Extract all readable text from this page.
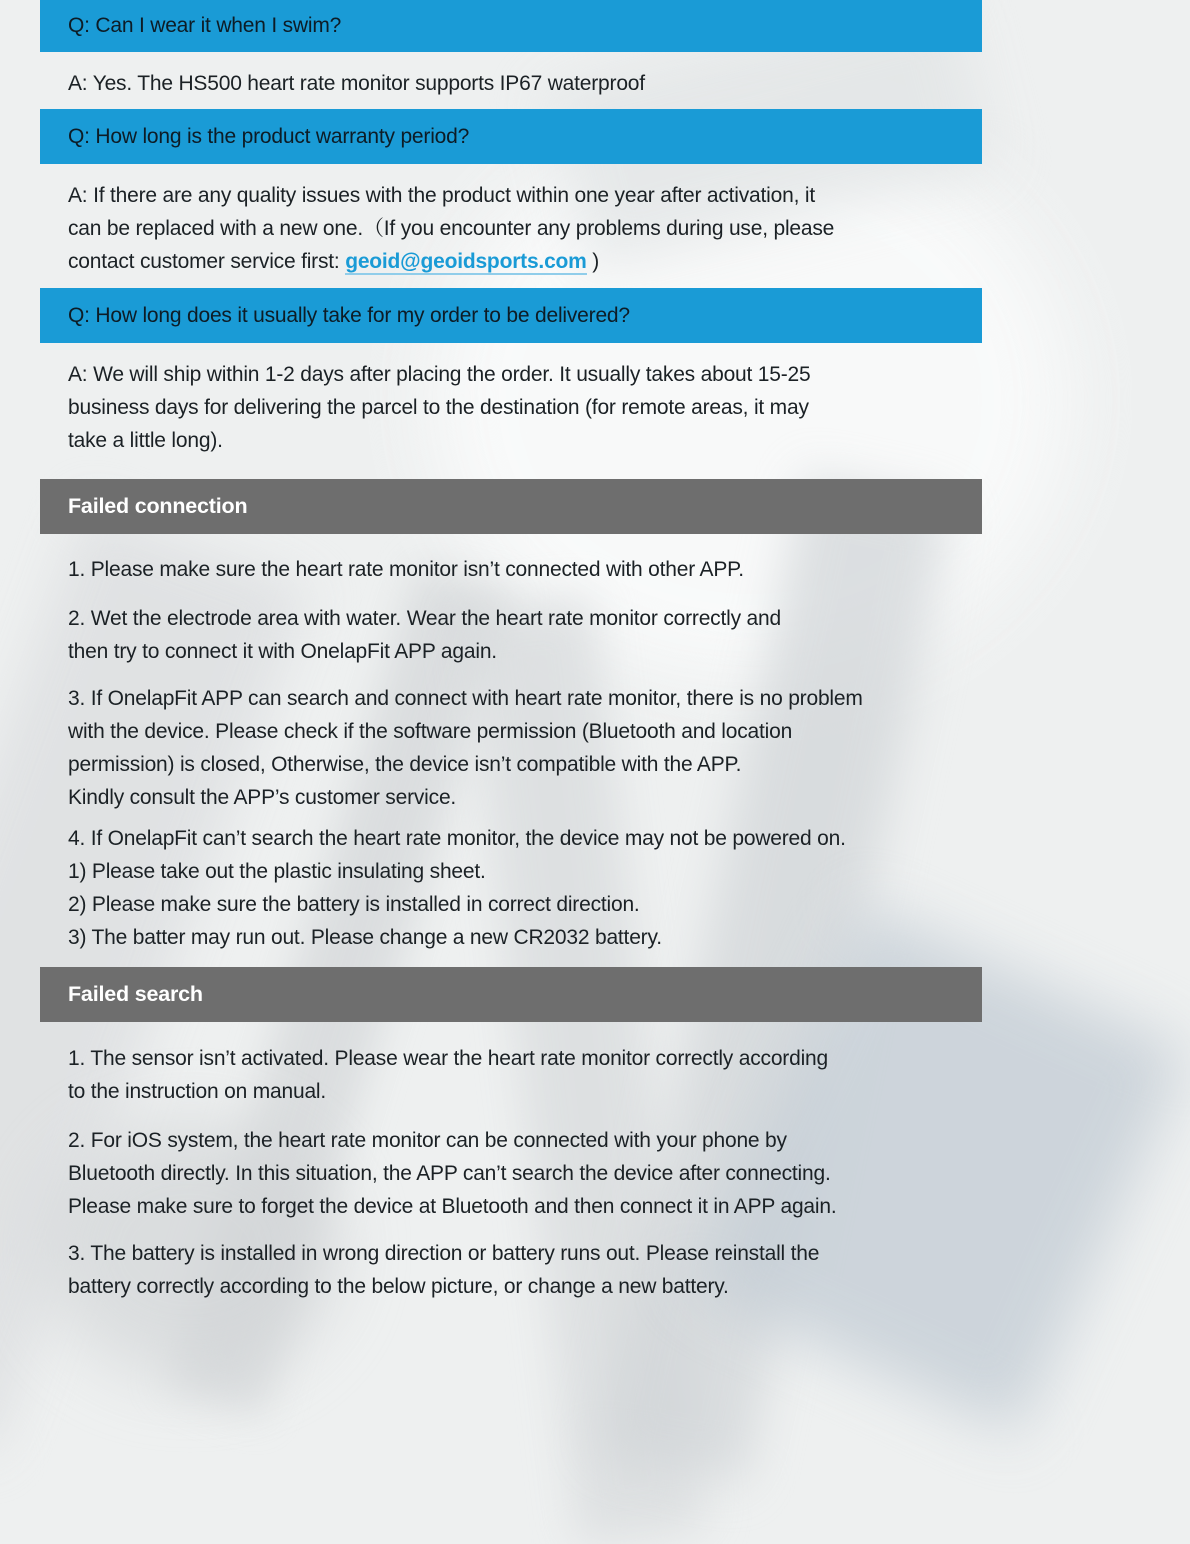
Q: Can I wear it when I swim?
A: Yes. The HS500 heart rate monitor supports IP67 waterproof
Q: How long is the product warranty period?
A: If there are any quality issues with the product within one year after activation, it
can be replaced with a new one.（If you encounter any problems during use, please
contact customer service first: geoid@geoidsports.com )
Q: How long does it usually take for my order to be delivered?
A: We will ship within 1-2 days after placing the order. It usually takes about 15-25
business days for delivering the parcel to the destination (for remote areas, it may
take a little long).
Failed connection
1. Please make sure the heart rate monitor isn’t connected with other APP.
2. Wet the electrode area with water. Wear the heart rate monitor correctly and
then try to connect it with OnelapFit APP again.
3. If OnelapFit APP can search and connect with heart rate monitor, there is no problem
with the device. Please check if the software permission (Bluetooth and location
permission) is closed, Otherwise, the device isn’t compatible with the APP.
Kindly consult the APP’s customer service.
4. If OnelapFit can’t search the heart rate monitor, the device may not be powered on.
1) Please take out the plastic insulating sheet.
2) Please make sure the battery is installed in correct direction.
3) The batter may run out. Please change a new CR2032 battery.
Failed search
1. The sensor isn’t activated. Please wear the heart rate monitor correctly according
to the instruction on manual.
2. For iOS system, the heart rate monitor can be connected with your phone by
Bluetooth directly. In this situation, the APP can’t search the device after connecting.
Please make sure to forget the device at Bluetooth and then connect it in APP again.
3. The battery is installed in wrong direction or battery runs out. Please reinstall the
battery correctly according to the below picture, or change a new battery.
